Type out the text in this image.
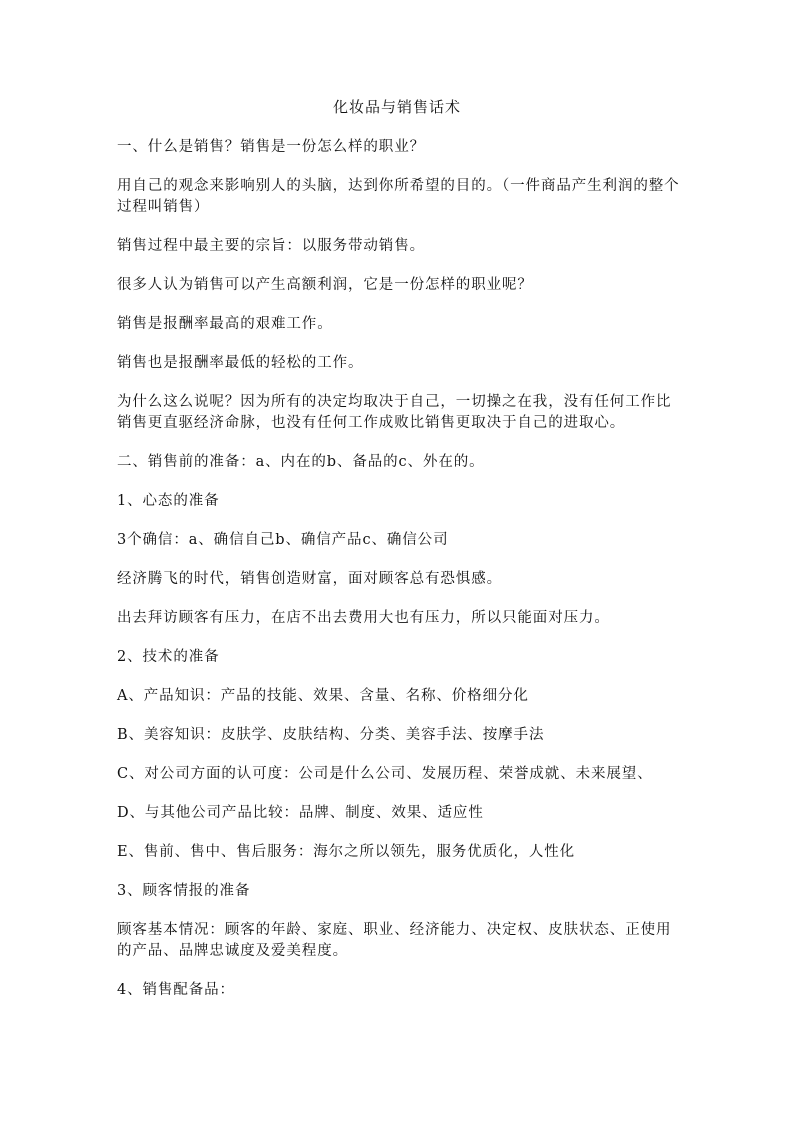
化妆品与销售话术

一、什么是销售？销售是一份怎么样的职业？

用自己的观念来影响别人的头脑，达到你所希望的目的。（一件商品产生利润的整个过程叫销售）

销售过程中最主要的宗旨：以服务带动销售。

很多人认为销售可以产生高额利润，它是一份怎样的职业呢？

销售是报酬率最高的艰难工作。

销售也是报酬率最低的轻松的工作。

为什么这么说呢？因为所有的决定均取决于自己，一切操之在我，没有任何工作比销售更直驱经济命脉，也没有任何工作成败比销售更取决于自己的进取心。

二、销售前的准备：a、内在的b、备品的c、外在的。

1、心态的准备

3个确信：a、确信自己b、确信产品c、确信公司

经济腾飞的时代，销售创造财富，面对顾客总有恐惧感。

出去拜访顾客有压力，在店不出去费用大也有压力，所以只能面对压力。

2、技术的准备

A、产品知识：产品的技能、效果、含量、名称、价格细分化

B、美容知识：皮肤学、皮肤结构、分类、美容手法、按摩手法

C、对公司方面的认可度：公司是什么公司、发展历程、荣誉成就、未来展望、

D、与其他公司产品比较：品牌、制度、效果、适应性

E、售前、售中、售后服务：海尔之所以领先，服务优质化，人性化

3、顾客情报的准备

顾客基本情况：顾客的年龄、家庭、职业、经济能力、决定权、皮肤状态、正使用的产品、品牌忠诚度及爱美程度。

4、销售配备品：
